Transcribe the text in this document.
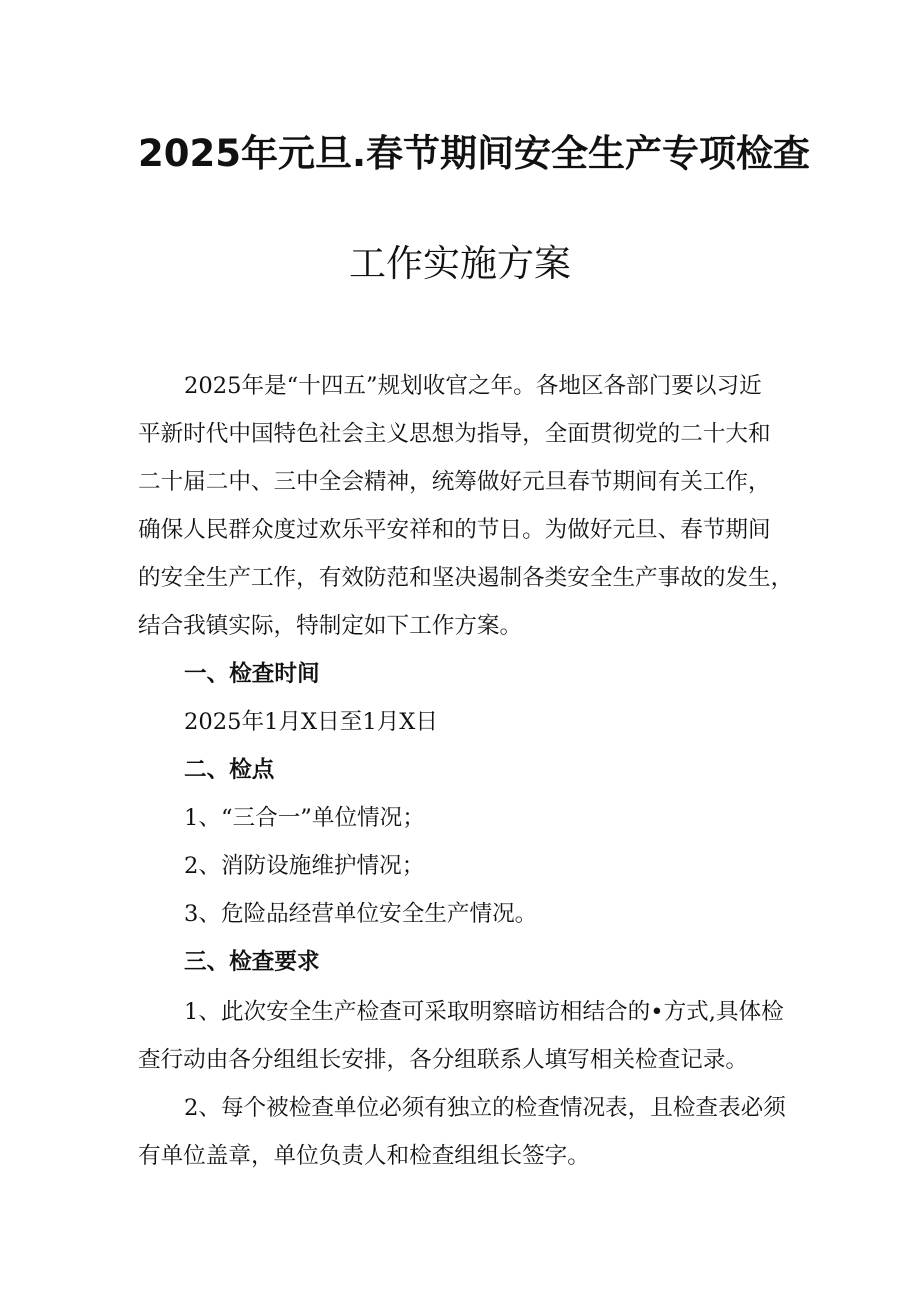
2025年元旦.春节期间安全生产专项检查
工作实施方案
2025年是“十四五”规划收官之年。各地区各部门要以习近
平新时代中国特色社会主义思想为指导，全面贯彻党的二十大和
二十届二中、三中全会精神，统筹做好元旦春节期间有关工作，
确保人民群众度过欢乐平安祥和的节日。为做好元旦、春节期间
的安全生产工作，有效防范和坚决遏制各类安全生产事故的发生，
结合我镇实际，特制定如下工作方案。
一、检查时间
2025年1月X日至1月X日
二、检点
1、“三合一”单位情况；
2、消防设施维护情况；
3、危险品经营单位安全生产情况。
三、检查要求
1、此次安全生产检查可采取明察暗访相结合的•方式,具体检
查行动由各分组组长安排，各分组联系人填写相关检查记录。
2、每个被检查单位必须有独立的检查情况表，且检查表必须
有单位盖章，单位负责人和检查组组长签字。
